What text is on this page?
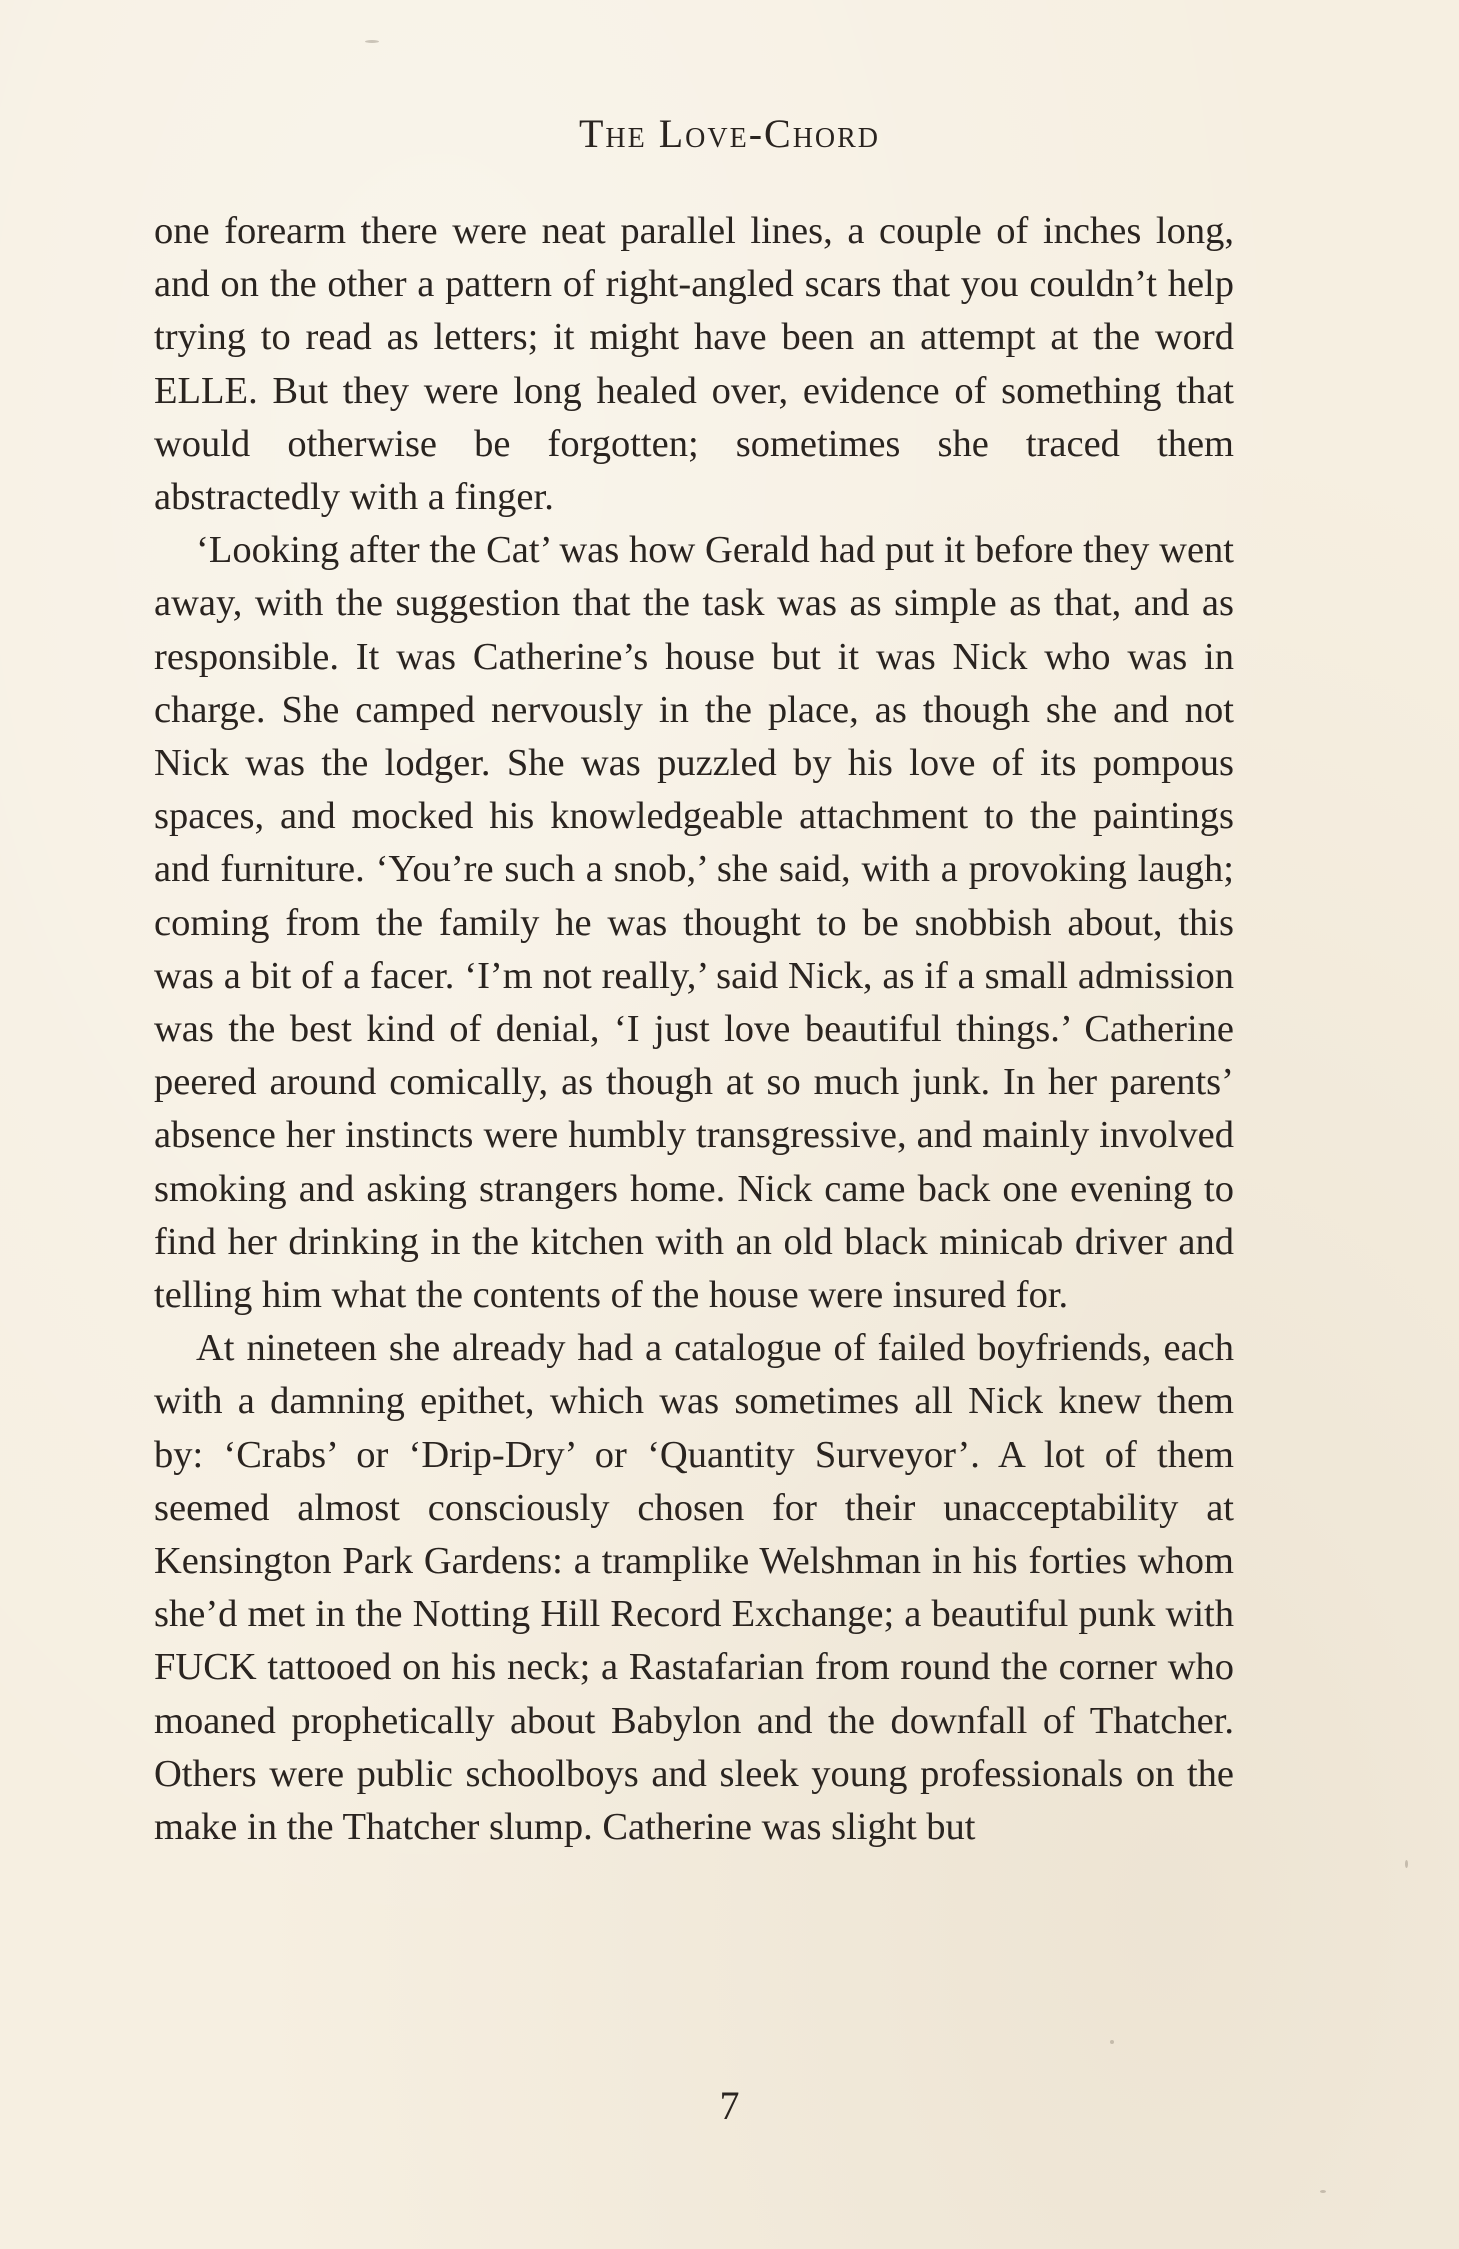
The Love-Chord

one forearm there were neat parallel lines, a couple of inches long, and on the other a pattern of right-angled scars that you couldn’t help trying to read as letters; it might have been an attempt at the word ELLE. But they were long healed over, evidence of something that would otherwise be forgotten; sometimes she traced them abstractedly with a finger.

‘Looking after the Cat’ was how Gerald had put it before they went away, with the suggestion that the task was as simple as that, and as responsible. It was Catherine’s house but it was Nick who was in charge. She camped nervously in the place, as though she and not Nick was the lodger. She was puzzled by his love of its pompous spaces, and mocked his knowledgeable attachment to the paintings and furniture. ‘You’re such a snob,’ she said, with a provoking laugh; coming from the family he was thought to be snobbish about, this was a bit of a facer. ‘I’m not really,’ said Nick, as if a small admission was the best kind of denial, ‘I just love beautiful things.’ Catherine peered around comically, as though at so much junk. In her parents’ absence her instincts were humbly transgressive, and mainly involved smoking and asking strangers home. Nick came back one evening to find her drinking in the kitchen with an old black minicab driver and telling him what the contents of the house were insured for.

At nineteen she already had a catalogue of failed boyfriends, each with a damning epithet, which was sometimes all Nick knew them by: ‘Crabs’ or ‘Drip-Dry’ or ‘Quantity Surveyor’. A lot of them seemed almost consciously chosen for their unacceptability at Kensington Park Gardens: a tramplike Welshman in his forties whom she’d met in the Notting Hill Record Exchange; a beautiful punk with FUCK tattooed on his neck; a Rastafarian from round the corner who moaned prophetically about Babylon and the downfall of Thatcher. Others were public schoolboys and sleek young professionals on the make in the Thatcher slump. Catherine was slight but

7
